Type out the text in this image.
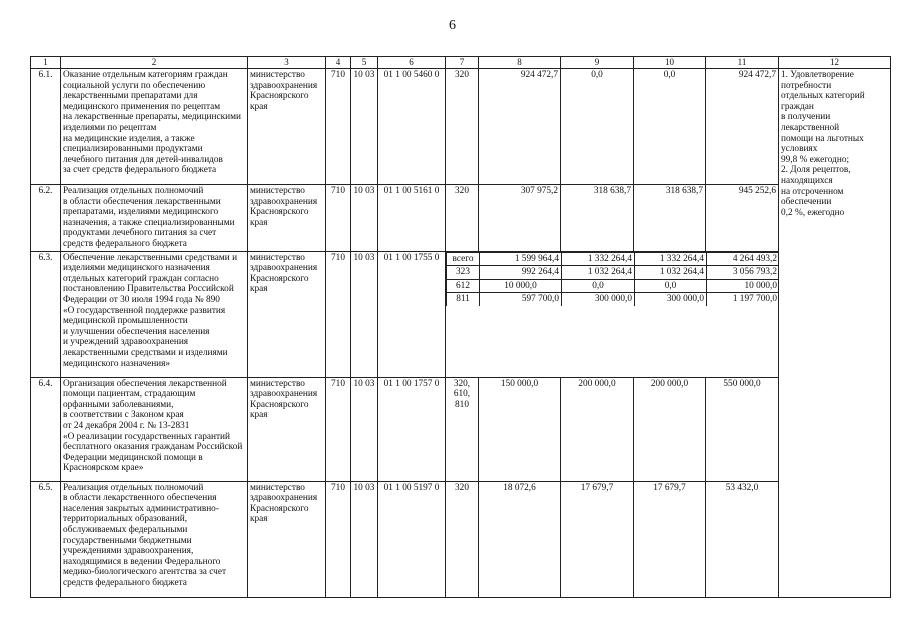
6
1	2	3	4	5	6	7	8	9	10	11	12
6.1.	Оказание отдельным категориям граждан
социальной услуги по обеспечению
лекарственными препаратами для
медицинского применения по рецептам
на лекарственные препараты, медицинскими
изделиями по рецептам
на медицинские изделия, а также
специализированными продуктами
лечебного питания для детей-инвалидов
за счет средств федерального бюджета	министерство
здравоохранения
Красноярского
края	710	10 03	01 1 00 5460 0	320	924 472,7	0,0	0,0	924 472,7	1. Удовлетворение потребности
отдельных категорий граждан
в получении лекарственной
помощи на льготных условиях
99,8 % ежегодно;
2. Доля рецептов, находящихся
на отсроченном обеспечении
0,2 %, ежегодно
6.2.	Реализация отдельных полномочий
в области обеспечения лекарственными
препаратами, изделиями медицинского
назначения, а также специализированными
продуктами лечебного питания за счет
средств федерального бюджета	министерство
здравоохранения
Красноярского
края	710	10 03	01 1 00 5161 0	320	307 975,2	318 638,7	318 638,7	945 252,6
6.3.	Обеспечение лекарственными средствами и
изделиями медицинского назначения
отдельных категорий граждан согласно
постановлению Правительства Российской
Федерации от 30 июля 1994 года № 890
«О государственной поддержке развития
медицинской промышленности
и улучшении обеспечения населения
и учреждений здравоохранения
лекарственными средствами и изделиями
медицинского назначения»	министерство
здравоохранения
Красноярского
края	710	10 03	01 1 00 1755 0	всего	1 599 964,4	1 332 264,4	1 332 264,4	4 264 493,2
323	992 264,4	1 032 264,4	1 032 264,4	3 056 793,2
612	10 000,0	0,0	0,0	10 000,0
811	597 700,0	300 000,0	300 000,0	1 197 700,0

6.4.	Организация обеспечения лекарственной
помощи пациентам, страдающим
орфанными заболеваниями,
в соответствии с Законом края
от 24 декабря 2004 г. № 13-2831
«О реализации государственных гарантий
бесплатного оказания гражданам Российской
Федерации медицинской помощи в
Красноярском крае»	министерство
здравоохранения
Красноярского
края	710	10 03	01 1 00 1757 0	320,
610,
810	150 000,0	200 000,0	200 000,0	550 000,0
6.5.	Реализация отдельных полномочий
в области лекарственного обеспечения
населения закрытых административно-
территориальных образований,
обслуживаемых федеральными
государственными бюджетными
учреждениями здравоохранения,
находящимися в ведении Федерального
медико-биологического агентства за счет
средств федерального бюджета	министерство
здравоохранения
Красноярского
края	710	10 03	01 1 00 5197 0	320	18 072,6	17 679,7	17 679,7	53 432,0
